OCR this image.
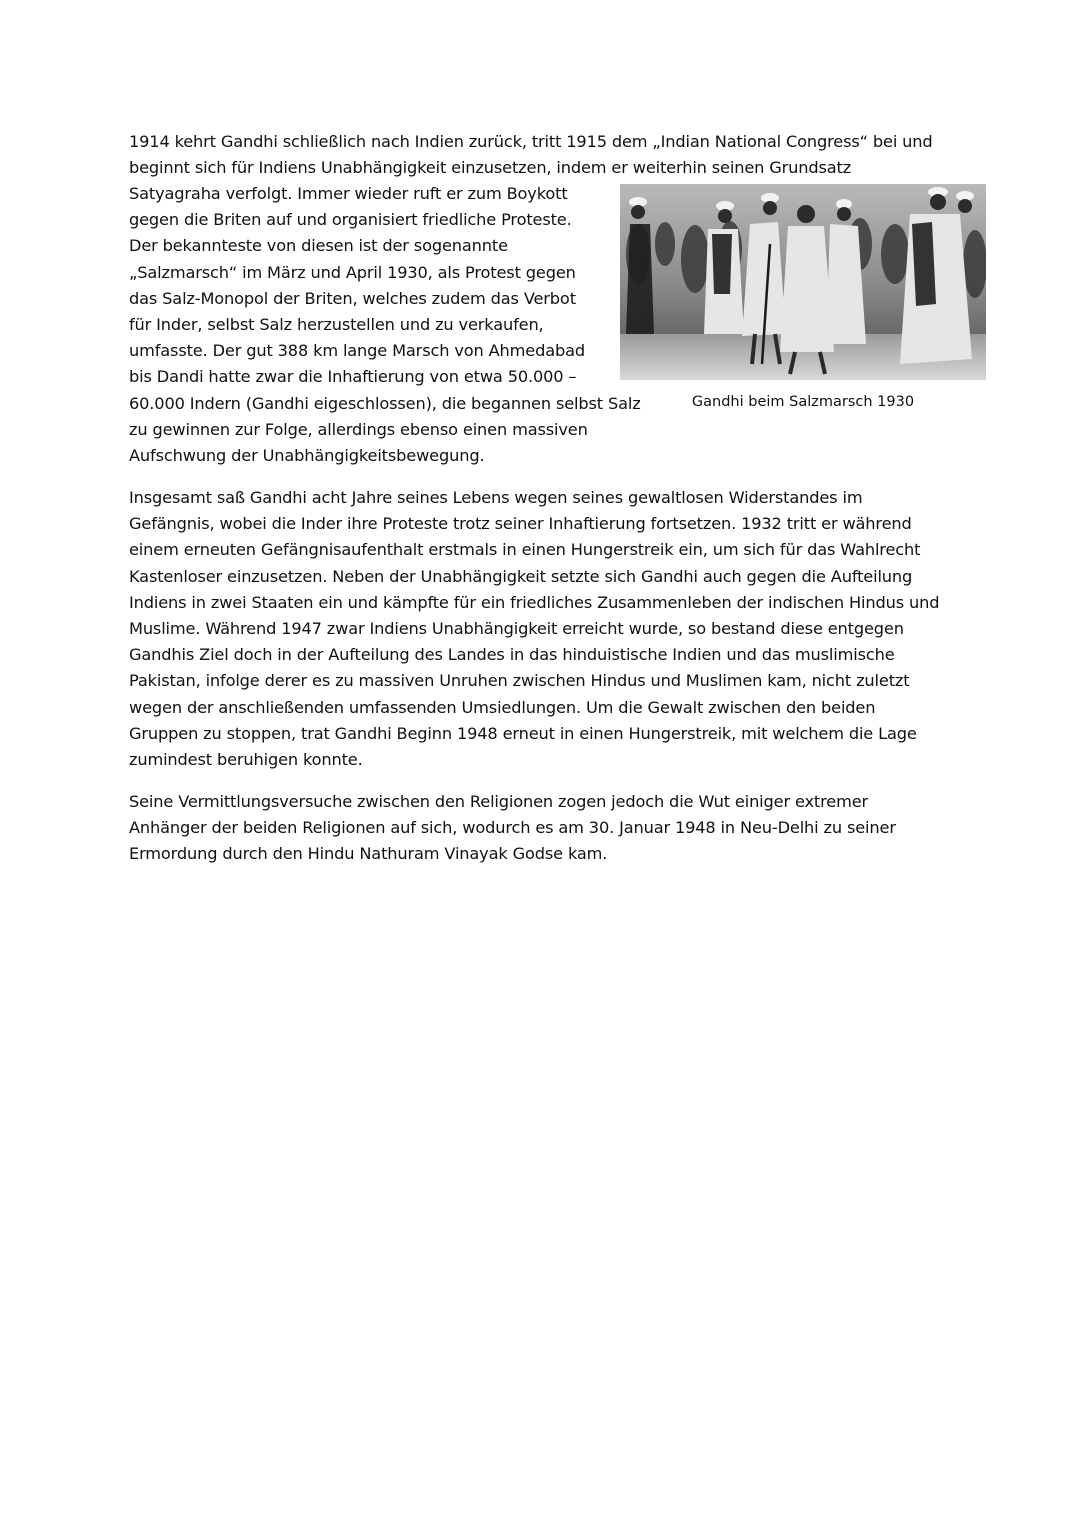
1914 kehrt Gandhi schließlich nach Indien zurück, tritt 1915 dem „Indian National Congress“ bei und
beginnt sich für Indiens Unabhängigkeit einzusetzen, indem er weiterhin seinen Grundsatz

Satyagraha verfolgt. Immer wieder ruft er zum Boykott
gegen die Briten auf und organisiert friedliche Proteste.
Der bekannteste von diesen ist der sogenannte
„Salzmarsch“ im März und April 1930, als Protest gegen
das Salz-Monopol der Briten, welches zudem das Verbot
für Inder, selbst Salz herzustellen und zu verkaufen,
umfasste. Der gut 388 km lange Marsch von Ahmedabad
bis Dandi hatte zwar die Inhaftierung von etwa 50.000 –
60.000 Indern (Gandhi eigeschlossen), die begannen selbst Salz
zu gewinnen zur Folge, allerdings ebenso einen massiven
Aufschwung der Unabhängigkeitsbewegung.

Gandhi beim Salzmarsch 1930

Insgesamt saß Gandhi acht Jahre seines Lebens wegen seines gewaltlosen Widerstandes im
Gefängnis, wobei die Inder ihre Proteste trotz seiner Inhaftierung fortsetzen. 1932 tritt er während
einem erneuten Gefängnisaufenthalt erstmals in einen Hungerstreik ein, um sich für das Wahlrecht
Kastenloser einzusetzen. Neben der Unabhängigkeit setzte sich Gandhi auch gegen die Aufteilung
Indiens in zwei Staaten ein und kämpfte für ein friedliches Zusammenleben der indischen Hindus und
Muslime. Während 1947 zwar Indiens Unabhängigkeit erreicht wurde, so bestand diese entgegen
Gandhis Ziel doch in der Aufteilung des Landes in das hinduistische Indien und das muslimische
Pakistan, infolge derer es zu massiven Unruhen zwischen Hindus und Muslimen kam, nicht zuletzt
wegen der anschließenden umfassenden Umsiedlungen. Um die Gewalt zwischen den beiden
Gruppen zu stoppen, trat Gandhi Beginn 1948 erneut in einen Hungerstreik, mit welchem die Lage
zumindest beruhigen konnte.

Seine Vermittlungsversuche zwischen den Religionen zogen jedoch die Wut einiger extremer
Anhänger der beiden Religionen auf sich, wodurch es am 30. Januar 1948 in Neu-Delhi zu seiner
Ermordung durch den Hindu Nathuram Vinayak Godse kam.
